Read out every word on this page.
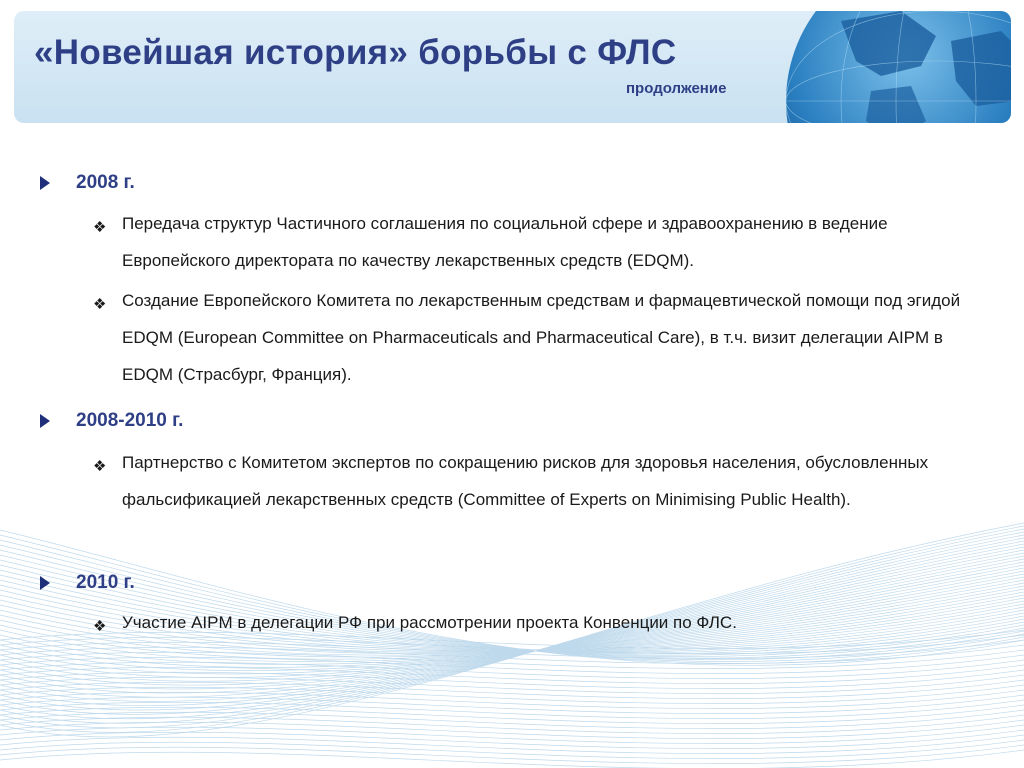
«Новейшая история» борьбы с ФЛС
продолжение
2008 г.
❖ Передача структур Частичного соглашения по социальной сфере и здравоохранению в ведение Европейского директората по качеству лекарственных средств (EDQM).
❖ Создание Европейского Комитета по лекарственным средствам и фармацевтической помощи под эгидой EDQM (European Committee on Pharmaceuticals and Pharmaceutical Care), в т.ч. визит делегации AIPM в EDQM (Страсбург, Франция).
2008-2010 г.
❖ Партнерство с Комитетом экспертов по сокращению рисков для здоровья населения, обусловленных фальсификацией лекарственных средств (Committee of Experts on Minimising Public Health).
2010 г.
❖ Участие AIPM в делегации РФ при рассмотрении проекта Конвенции по ФЛС.
